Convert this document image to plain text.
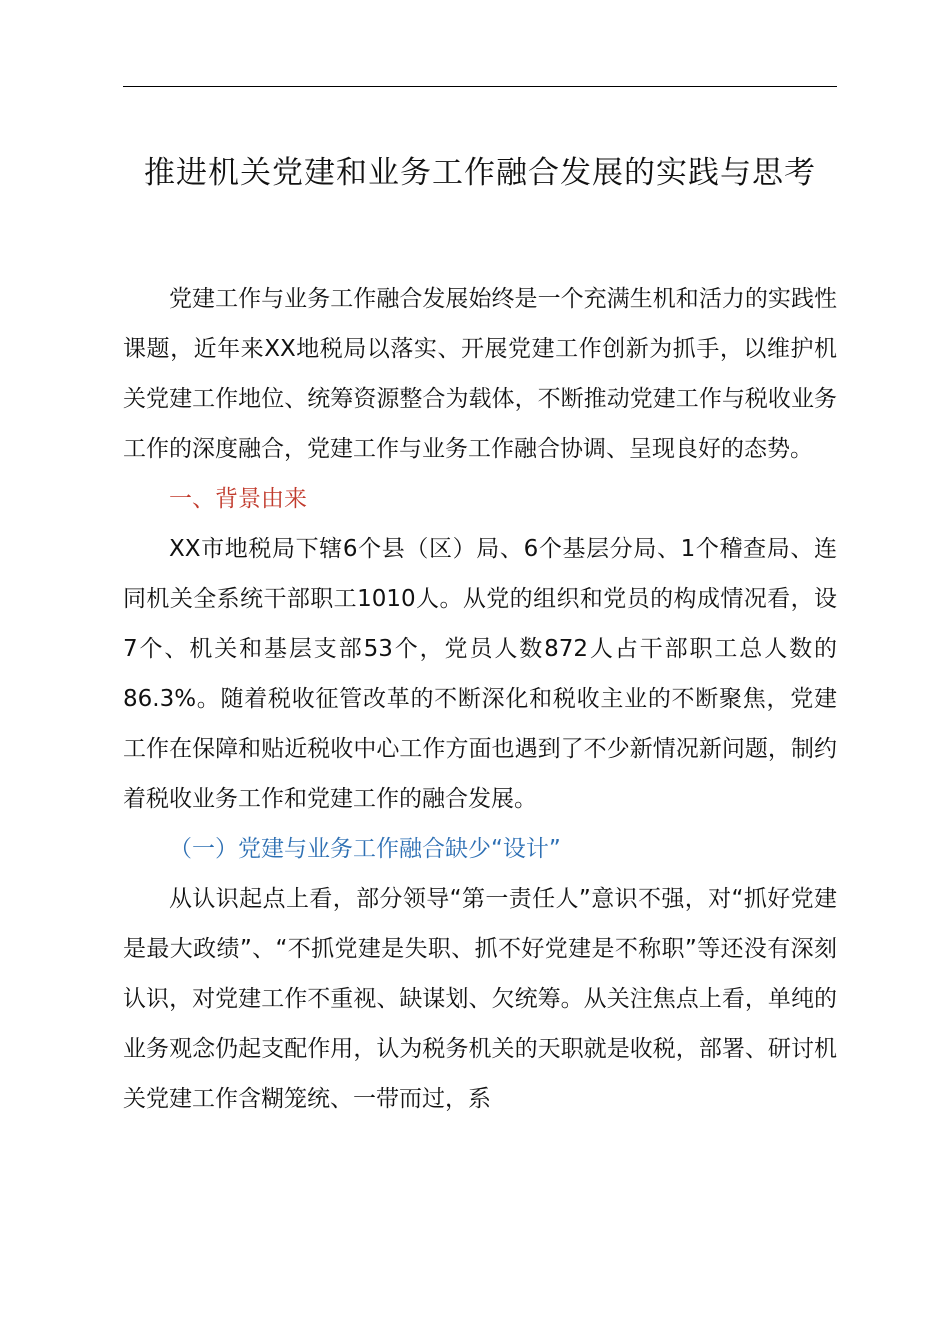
推进机关党建和业务工作融合发展的实践与思考

党建工作与业务工作融合发展始终是一个充满生机和活力的实践性课题，近年来XX地税局以落实、开展党建工作创新为抓手，以维护机关党建工作地位、统筹资源整合为载体，不断推动党建工作与税收业务工作的深度融合，党建工作与业务工作融合协调、呈现良好的态势。

一、背景由来

XX市地税局下辖6个县（区）局、6个基层分局、1个稽查局、连同机关全系统干部职工1010人。从党的组织和党员的构成情况看，设7个、机关和基层支部53个，党员人数872人占干部职工总人数的86.3%。随着税收征管改革的不断深化和税收主业的不断聚焦，党建工作在保障和贴近税收中心工作方面也遇到了不少新情况新问题，制约着税收业务工作和党建工作的融合发展。

（一）党建与业务工作融合缺少“设计”

从认识起点上看，部分领导“第一责任人”意识不强，对“抓好党建是最大政绩”、“不抓党建是失职、抓不好党建是不称职”等还没有深刻认识，对党建工作不重视、缺谋划、欠统筹。从关注焦点上看，单纯的业务观念仍起支配作用，认为税务机关的天职就是收税，部署、研讨机关党建工作含糊笼统、一带而过，系
